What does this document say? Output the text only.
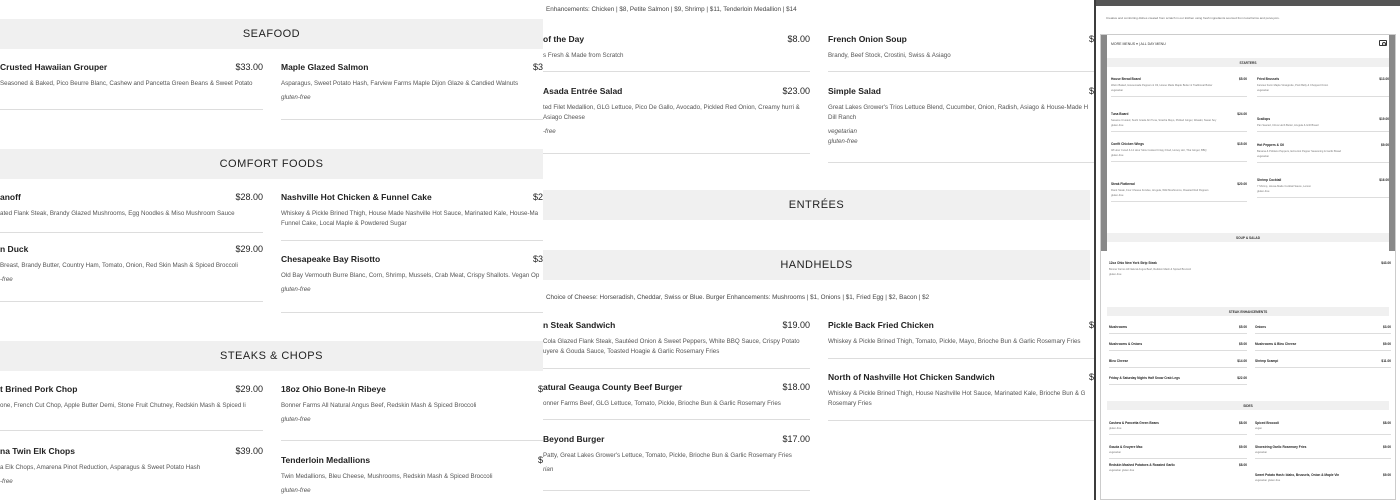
SEAFOOD
Crusted Hawaiian Grouper	$33.00
Seasoned & Baked, Pico Beurre Blanc, Cashew and Pancetta Green Beans & Sweet Potato
Maple Glazed Salmon	$3
Asparagus, Sweet Potato Hash, Farview Farms Maple Dijon Glaze & Candied Walnuts
gluten-free
COMFORT FOODS
anoff	$28.00
ated Flank Steak, Brandy Glazed Mushrooms, Egg Noodles & Miso Mushroom Sauce
Nashville Hot Chicken & Funnel Cake	$2
Whiskey & Pickle Brined Thigh, House Made Nashville Hot Sauce, Marinated Kale, House-Ma Funnel Cake, Local Maple & Powdered Sugar
n Duck	$29.00
Breast, Brandy Butter, Country Ham, Tomato, Onion, Red Skin Mash & Spiced Broccoli
-free
Chesapeake Bay Risotto	$3
Old Bay Vermouth Burre Blanc, Corn, Shrimp, Mussels, Crab Meat, Crispy Shallots. Vegan Op
gluten-free
STEAKS & CHOPS
t Brined Pork Chop	$29.00
one, French Cut Chop, Apple Butter Demi, Stone Fruit Chutney, Redskin Mash & Spiced li
18oz Ohio Bone-In Ribeye	$
Bonner Farms All Natural Angus Beef, Redskin Mash & Spiced Broccoli
gluten-free
na Twin Elk Chops	$39.00
a Elk Chops, Amarena Pinot Reduction, Asparagus & Sweet Potato Hash
-free
Tenderloin Medallions	$
Twin Medallions, Bleu Cheese, Mushrooms, Redskin Mash & Spiced Broccoli
gluten-free
Enhancements: Chicken | $8, Petite Salmon | $9, Shrimp | $11, Tenderloin Medallion | $14
of the Day	$8.00
s Fresh & Made from Scratch
French Onion Soup	$
Brandy, Beef Stock, Crostini, Swiss & Asiago
Asada Entrée Salad	$23.00
ted Filet Medallion, GLG Lettuce, Pico De Gallo, Avocado, Pickled Red Onion, Creamy hurri & Asiago Cheese
-free
Simple Salad	$
Great Lakes Grower's Trios Lettuce Blend, Cucumber, Onion, Radish, Asiago & House-Made H Dill Ranch
vegetarian
gluten-free
ENTRÉES
HANDHELDS
Choice of Cheese: Horseradish, Cheddar, Swiss or Blue. Burger Enhancements: Mushrooms | $1, Onions | $1, Fried Egg | $2, Bacon | $2
n Steak Sandwich	$19.00
Cola Glazed Flank Steak, Sautéed Onion & Sweet Peppers, White BBQ Sauce, Crispy Potato uyere & Gouda Sauce, Toasted Hoagie & Garlic Rosemary Fries
Pickle Back Fried Chicken	$
Whiskey & Pickle Brined Thigh, Tomato, Pickle, Mayo, Brioche Bun & Garlic Rosemary Fries
atural Geauga County Beef Burger	$18.00
onner Farms Beef, GLG Lettuce, Tomato, Pickle, Brioche Bun & Garlic Rosemary Fries
North of Nashville Hot Chicken Sandwich	$
Whiskey & Pickle Brined Thigh, House Nashville Hot Sauce, Marinated Kale, Brioche Bun & G Rosemary Fries
Beyond Burger	$17.00
Patty, Great Lakes Grower's Lettuce, Tomato, Pickle, Brioche Bun & Garlic Rosemary Fries
rian
Creative and comforting dishes created from scratch in our kitchen using fresh ingredients sourced from local farms and purveyors.
MORE MENUS ▾ | ALL DAY MENU
STARTERS
House Bread Board	$5.00
Warm Baked, Housemade Peppers & Oil, House Made Maple Butter & Traditional Butter
vegetarian
Tuna Board	$24.00
Sesame Crusted, Sushi Grade Ahi Tuna, Siracha Mayo, Pickled Ginger, Wasabi, Sweet Soy
gluten-free
Confit Chicken Wings	$15.00
48 Hour Cured & 12 Hour Slow Cooked Crispy Fried, Honey Hot, Thai Ginger, BBQ
gluten-free
Steak Flatbread	$20.00
Flank Steak, Four Cheese Fondue, Arugula, Wild Mushrooms, Roasted Red Peppers
gluten-free
Fried Brussels	$13.00
Farview Farm Maple Vinaigrette, Pork Belly & Chopped Onion
vegetarian
Scallops	$19.00
Pan Seared, Citrus Herb Butter, Arugula & Grill Bread
Hot Peppers & Oil	$9.00
Banana & Poblano Peppers, Extra Hot Pepper Seasoning & Garlic Bread
vegetarian
Shrimp Cocktail	$16.00
7 Shrimp, House-Made Cocktail Sauce, Lemon
gluten-free
SOUP & SALAD
12oz Ohio New York Strip Steak	$43.00
Bonner Farms All Natural Angus Beef, Redskin Mash & Spiced Broccoli
gluten-free
STEAK ENHANCEMENTS
Mushrooms	$5.00
Mushrooms & Onions	$5.00
Bleu Cheese	$14.00
Friday & Saturday Nights Half Snow Crab Legs	$22.00
Onions	$3.00
Mushrooms & Bleu Cheese	$9.00
Shrimp Scampi	$11.00
SIDES
Cashew & Pancetta Green Beans	$8.00
gluten-free
Gouda & Gruyere Mac	$9.00
vegetarian
Redskin Mashed Potatoes & Roasted Garlic	$8.00
vegetarian gluten-free
Spiced Broccoli	$8.00
vegan
Shoestring Garlic Rosemary Fries	$9.00
vegetarian
Sweet Potato Hash: Idaho, Brussels, Onion & Maple Vin	$9.00
vegetarian gluten-free
